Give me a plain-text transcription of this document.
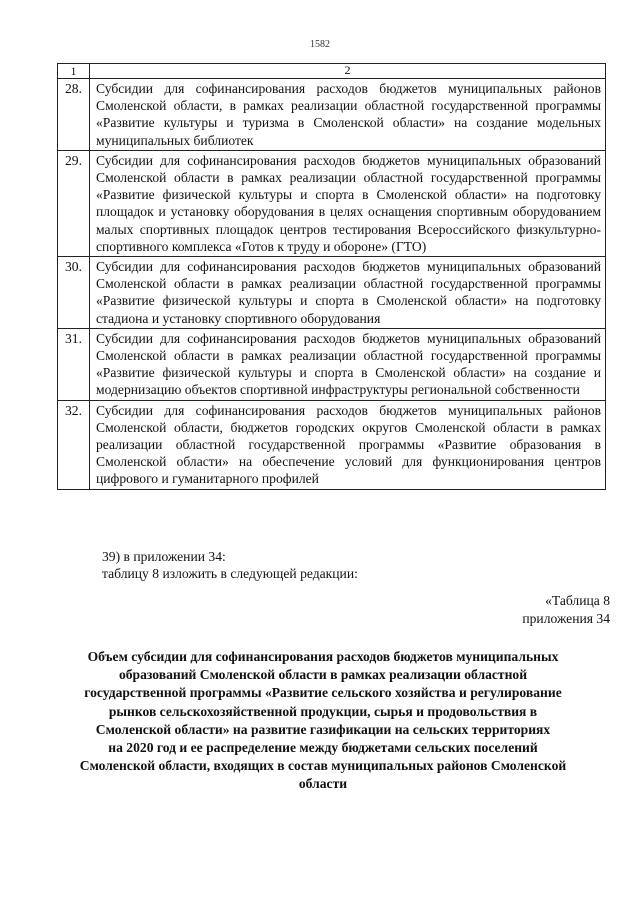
1582
1	2
28.	Субсидии для софинансирования расходов бюджетов муниципальных районов Смоленской области, в рамках реализации областной государственной программы «Развитие культуры и туризма в Смоленской области» на создание модельных муниципальных библиотек
29.	Субсидии для софинансирования расходов бюджетов муниципальных образований Смоленской области в рамках реализации областной государственной программы «Развитие физической культуры и спорта в Смоленской области» на подготовку площадок и установку оборудования в целях оснащения спортивным оборудованием малых спортивных площадок центров тестирования Всероссийского физкультурно-спортивного комплекса «Готов к труду и обороне» (ГТО)
30.	Субсидии для софинансирования расходов бюджетов муниципальных образований Смоленской области в рамках реализации областной государственной программы «Развитие физической культуры и спорта в Смоленской области» на подготовку стадиона и установку спортивного оборудования
31.	Субсидии для софинансирования расходов бюджетов муниципальных образований Смоленской области в рамках реализации областной государственной программы «Развитие физической культуры и спорта в Смоленской области» на создание и модернизацию объектов спортивной инфраструктуры региональной собственности
32.	Субсидии для софинансирования расходов бюджетов муниципальных районов Смоленской области, бюджетов городских округов Смоленской области в рамках реализации областной государственной программы «Развитие образования в Смоленской области» на обеспечение условий для функционирования центров цифрового и гуманитарного профилей
39) в приложении 34:
таблицу 8 изложить в следующей редакции:
«Таблица 8
приложения 34
Объем субсидии для софинансирования расходов бюджетов муниципальных
образований Смоленской области в рамках реализации областной
государственной программы «Развитие сельского хозяйства и регулирование
рынков сельскохозяйственной продукции, сырья и продовольствия в
Смоленской области» на развитие газификации на сельских территориях
на 2020 год и ее распределение между бюджетами сельских поселений
Смоленской области, входящих в состав муниципальных районов Смоленской
области
